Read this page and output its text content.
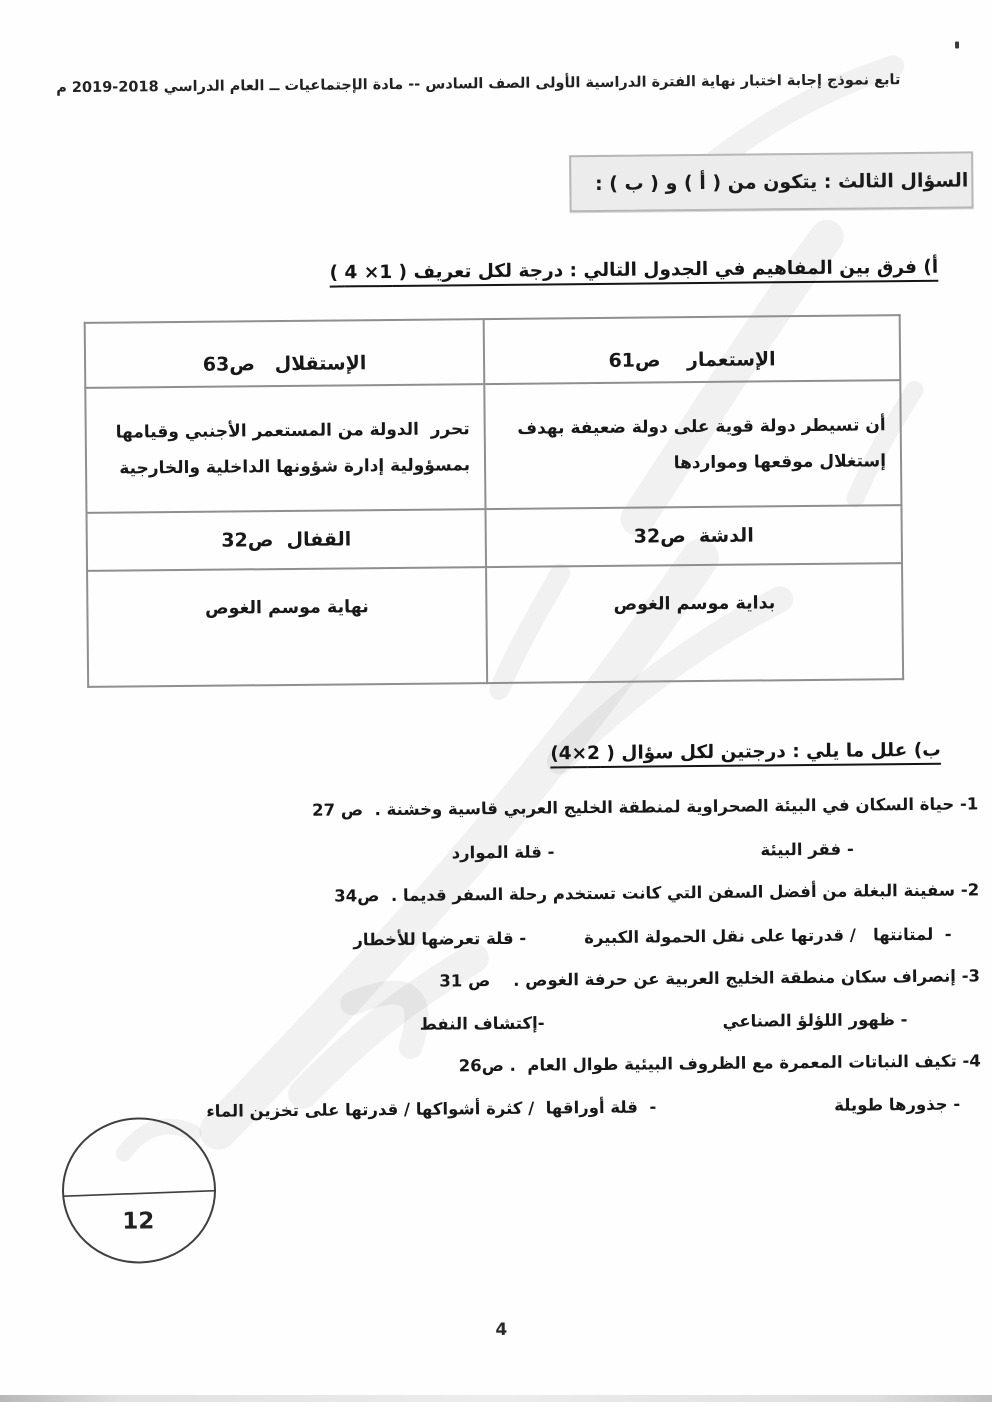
تابع نموذج إجابة اختبار نهاية الفترة الدراسية الأولى الصف السادس -- مادة الإجتماعيات ــ العام الدراسي 2018-2019 م
السؤال الثالث : يتكون من ( أ ) و ( ب ) :
أ) فرق بين المفاهيم في الجدول التالي : درجة لكل تعريف ( 1× 4 )
الإستعمار    ص61	الإستقلال   ص63
أن تسيطر دولة قوية على دولة ضعيفة بهدف إستغلال موقعها ومواردها	تحرر  الدولة من المستعمر الأجنبي وقيامها بمسؤولية إدارة شؤونها الداخلية والخارجية
الدشة  ص32	القفال  ص32
بداية موسم الغوص	نهاية موسم الغوص
ب) علل ما يلي : درجتين لكل سؤال ( 2×4)
1- حياة السكان في البيئة الصحراوية لمنطقة الخليج العربي قاسية وخشنة .  ص 27
- فقر البيئة
- قلة الموارد
2- سفينة البغلة من أفضل السفن التي كانت تستخدم رحلة السفر قديما .  ص34
-  لمتانتها   / قدرتها على نقل الحمولة الكبيرة
- قلة تعرضها للأخطار
3- إنصراف سكان منطقة الخليج العربية عن حرفة الغوص .    ص 31
- ظهور اللؤلؤ الصناعي
-إكتشاف النفط
4- تكيف النباتات المعمرة مع الظروف البيئية طوال العام  . ص26
- جذورها طويلة
-  قلة أوراقها  / كثرة أشواكها / قدرتها على تخزين الماء
12
4
